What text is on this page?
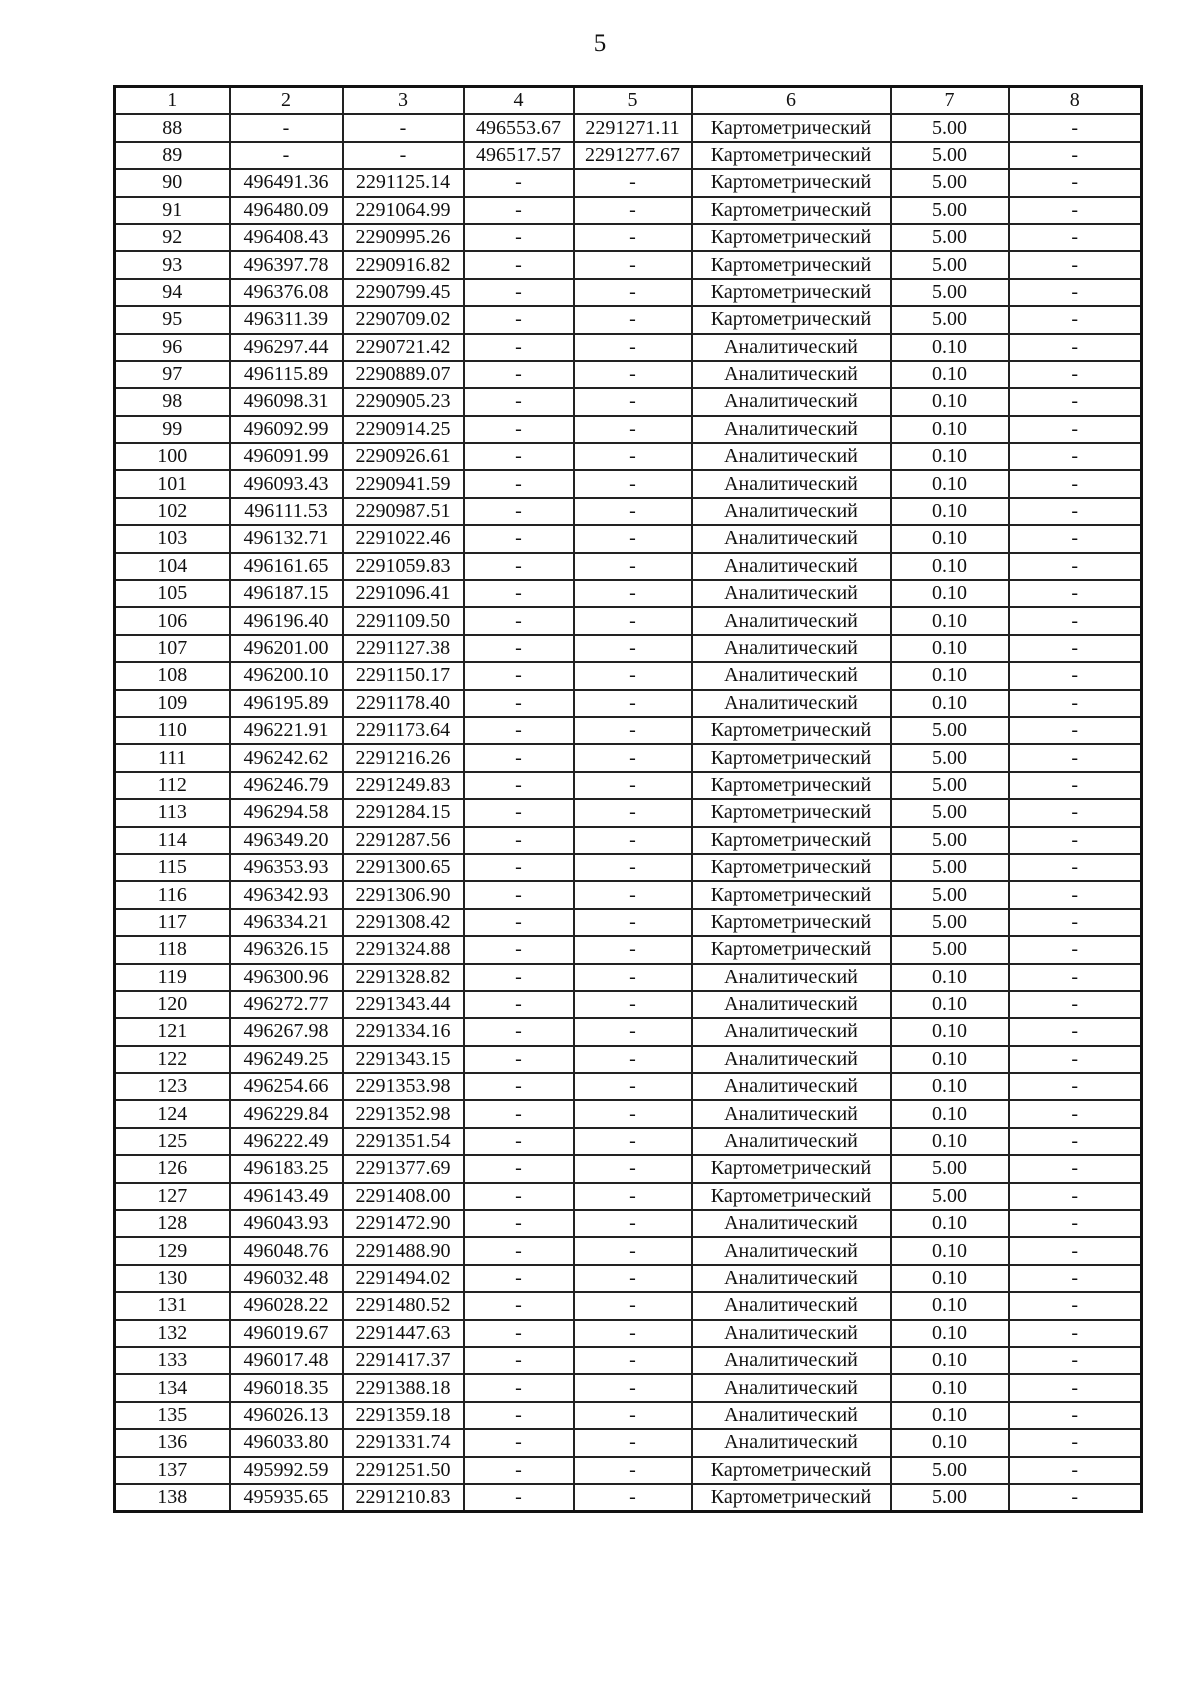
5
1	2	3	4	5	6	7	8
88	-	-	496553.67	2291271.11	Картометрический	5.00	-
89	-	-	496517.57	2291277.67	Картометрический	5.00	-
90	496491.36	2291125.14	-	-	Картометрический	5.00	-
91	496480.09	2291064.99	-	-	Картометрический	5.00	-
92	496408.43	2290995.26	-	-	Картометрический	5.00	-
93	496397.78	2290916.82	-	-	Картометрический	5.00	-
94	496376.08	2290799.45	-	-	Картометрический	5.00	-
95	496311.39	2290709.02	-	-	Картометрический	5.00	-
96	496297.44	2290721.42	-	-	Аналитический	0.10	-
97	496115.89	2290889.07	-	-	Аналитический	0.10	-
98	496098.31	2290905.23	-	-	Аналитический	0.10	-
99	496092.99	2290914.25	-	-	Аналитический	0.10	-
100	496091.99	2290926.61	-	-	Аналитический	0.10	-
101	496093.43	2290941.59	-	-	Аналитический	0.10	-
102	496111.53	2290987.51	-	-	Аналитический	0.10	-
103	496132.71	2291022.46	-	-	Аналитический	0.10	-
104	496161.65	2291059.83	-	-	Аналитический	0.10	-
105	496187.15	2291096.41	-	-	Аналитический	0.10	-
106	496196.40	2291109.50	-	-	Аналитический	0.10	-
107	496201.00	2291127.38	-	-	Аналитический	0.10	-
108	496200.10	2291150.17	-	-	Аналитический	0.10	-
109	496195.89	2291178.40	-	-	Аналитический	0.10	-
110	496221.91	2291173.64	-	-	Картометрический	5.00	-
111	496242.62	2291216.26	-	-	Картометрический	5.00	-
112	496246.79	2291249.83	-	-	Картометрический	5.00	-
113	496294.58	2291284.15	-	-	Картометрический	5.00	-
114	496349.20	2291287.56	-	-	Картометрический	5.00	-
115	496353.93	2291300.65	-	-	Картометрический	5.00	-
116	496342.93	2291306.90	-	-	Картометрический	5.00	-
117	496334.21	2291308.42	-	-	Картометрический	5.00	-
118	496326.15	2291324.88	-	-	Картометрический	5.00	-
119	496300.96	2291328.82	-	-	Аналитический	0.10	-
120	496272.77	2291343.44	-	-	Аналитический	0.10	-
121	496267.98	2291334.16	-	-	Аналитический	0.10	-
122	496249.25	2291343.15	-	-	Аналитический	0.10	-
123	496254.66	2291353.98	-	-	Аналитический	0.10	-
124	496229.84	2291352.98	-	-	Аналитический	0.10	-
125	496222.49	2291351.54	-	-	Аналитический	0.10	-
126	496183.25	2291377.69	-	-	Картометрический	5.00	-
127	496143.49	2291408.00	-	-	Картометрический	5.00	-
128	496043.93	2291472.90	-	-	Аналитический	0.10	-
129	496048.76	2291488.90	-	-	Аналитический	0.10	-
130	496032.48	2291494.02	-	-	Аналитический	0.10	-
131	496028.22	2291480.52	-	-	Аналитический	0.10	-
132	496019.67	2291447.63	-	-	Аналитический	0.10	-
133	496017.48	2291417.37	-	-	Аналитический	0.10	-
134	496018.35	2291388.18	-	-	Аналитический	0.10	-
135	496026.13	2291359.18	-	-	Аналитический	0.10	-
136	496033.80	2291331.74	-	-	Аналитический	0.10	-
137	495992.59	2291251.50	-	-	Картометрический	5.00	-
138	495935.65	2291210.83	-	-	Картометрический	5.00	-
